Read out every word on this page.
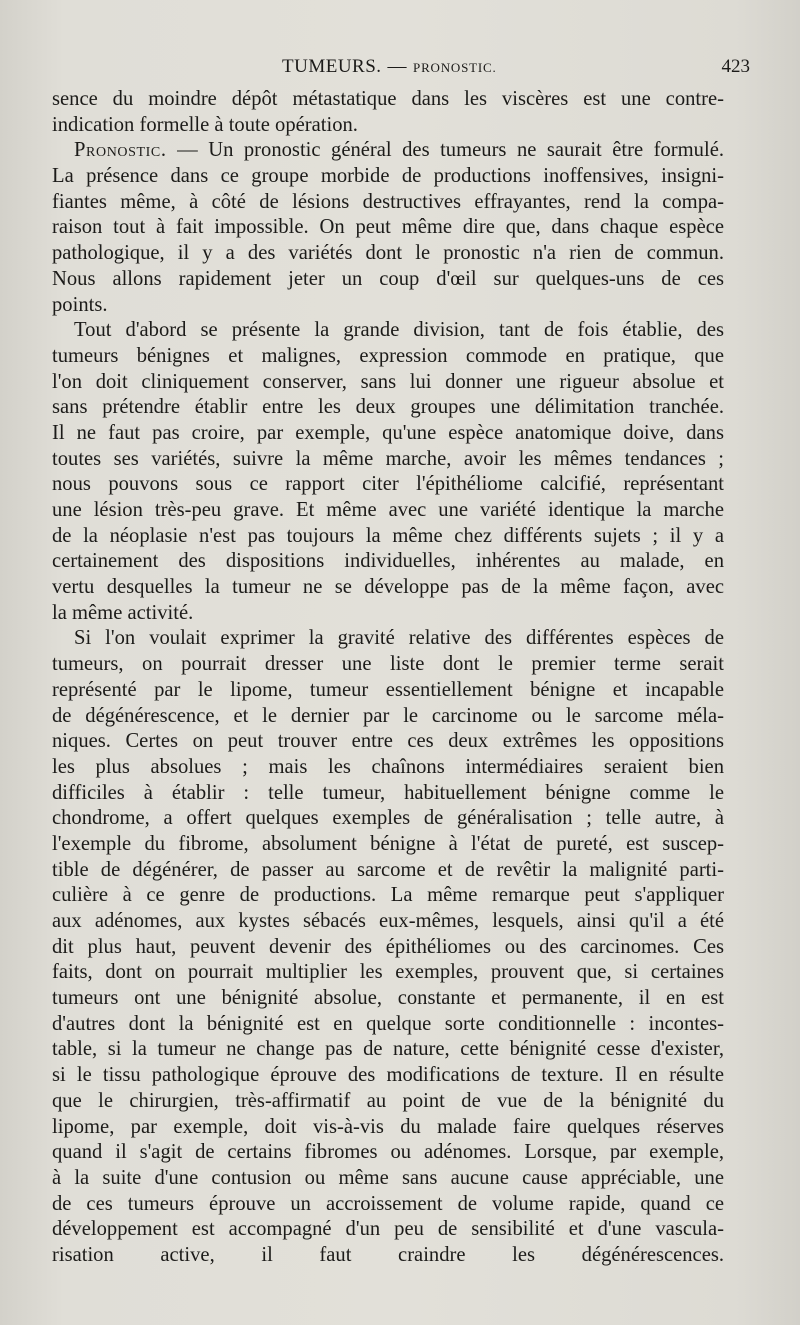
TUMEURS. — PRONOSTIC.	423
sence du moindre dépôt métastatique dans les viscères est une contre-
indication formelle à toute opération.
Pronostic. — Un pronostic général des tumeurs ne saurait être formulé.
La présence dans ce groupe morbide de productions inoffensives, insigni-
fiantes même, à côté de lésions destructives effrayantes, rend la compa-
raison tout à fait impossible. On peut même dire que, dans chaque espèce
pathologique, il y a des variétés dont le pronostic n'a rien de commun.
Nous allons rapidement jeter un coup d'œil sur quelques-uns de ces
points.
Tout d'abord se présente la grande division, tant de fois établie, des
tumeurs bénignes et malignes, expression commode en pratique, que
l'on doit cliniquement conserver, sans lui donner une rigueur absolue et
sans prétendre établir entre les deux groupes une délimitation tranchée.
Il ne faut pas croire, par exemple, qu'une espèce anatomique doive, dans
toutes ses variétés, suivre la même marche, avoir les mêmes tendances ;
nous pouvons sous ce rapport citer l'épithéliome calcifié, représentant
une lésion très-peu grave. Et même avec une variété identique la marche
de la néoplasie n'est pas toujours la même chez différents sujets ; il y a
certainement des dispositions individuelles, inhérentes au malade, en
vertu desquelles la tumeur ne se développe pas de la même façon, avec
la même activité.
Si l'on voulait exprimer la gravité relative des différentes espèces de
tumeurs, on pourrait dresser une liste dont le premier terme serait
représenté par le lipome, tumeur essentiellement bénigne et incapable
de dégénérescence, et le dernier par le carcinome ou le sarcome méla-
niques. Certes on peut trouver entre ces deux extrêmes les oppositions
les plus absolues ; mais les chaînons intermédiaires seraient bien
difficiles à établir : telle tumeur, habituellement bénigne comme le
chondrome, a offert quelques exemples de généralisation ; telle autre, à
l'exemple du fibrome, absolument bénigne à l'état de pureté, est suscep-
tible de dégénérer, de passer au sarcome et de revêtir la malignité parti-
culière à ce genre de productions. La même remarque peut s'appliquer
aux adénomes, aux kystes sébacés eux-mêmes, lesquels, ainsi qu'il a été
dit plus haut, peuvent devenir des épithéliomes ou des carcinomes. Ces
faits, dont on pourrait multiplier les exemples, prouvent que, si certaines
tumeurs ont une bénignité absolue, constante et permanente, il en est
d'autres dont la bénignité est en quelque sorte conditionnelle : incontes-
table, si la tumeur ne change pas de nature, cette bénignité cesse d'exister,
si le tissu pathologique éprouve des modifications de texture. Il en résulte
que le chirurgien, très-affirmatif au point de vue de la bénignité du
lipome, par exemple, doit vis-à-vis du malade faire quelques réserves
quand il s'agit de certains fibromes ou adénomes. Lorsque, par exemple,
à la suite d'une contusion ou même sans aucune cause appréciable, une
de ces tumeurs éprouve un accroissement de volume rapide, quand ce
développement est accompagné d'un peu de sensibilité et d'une vascula-
risation active, il faut craindre les dégénérescences.
